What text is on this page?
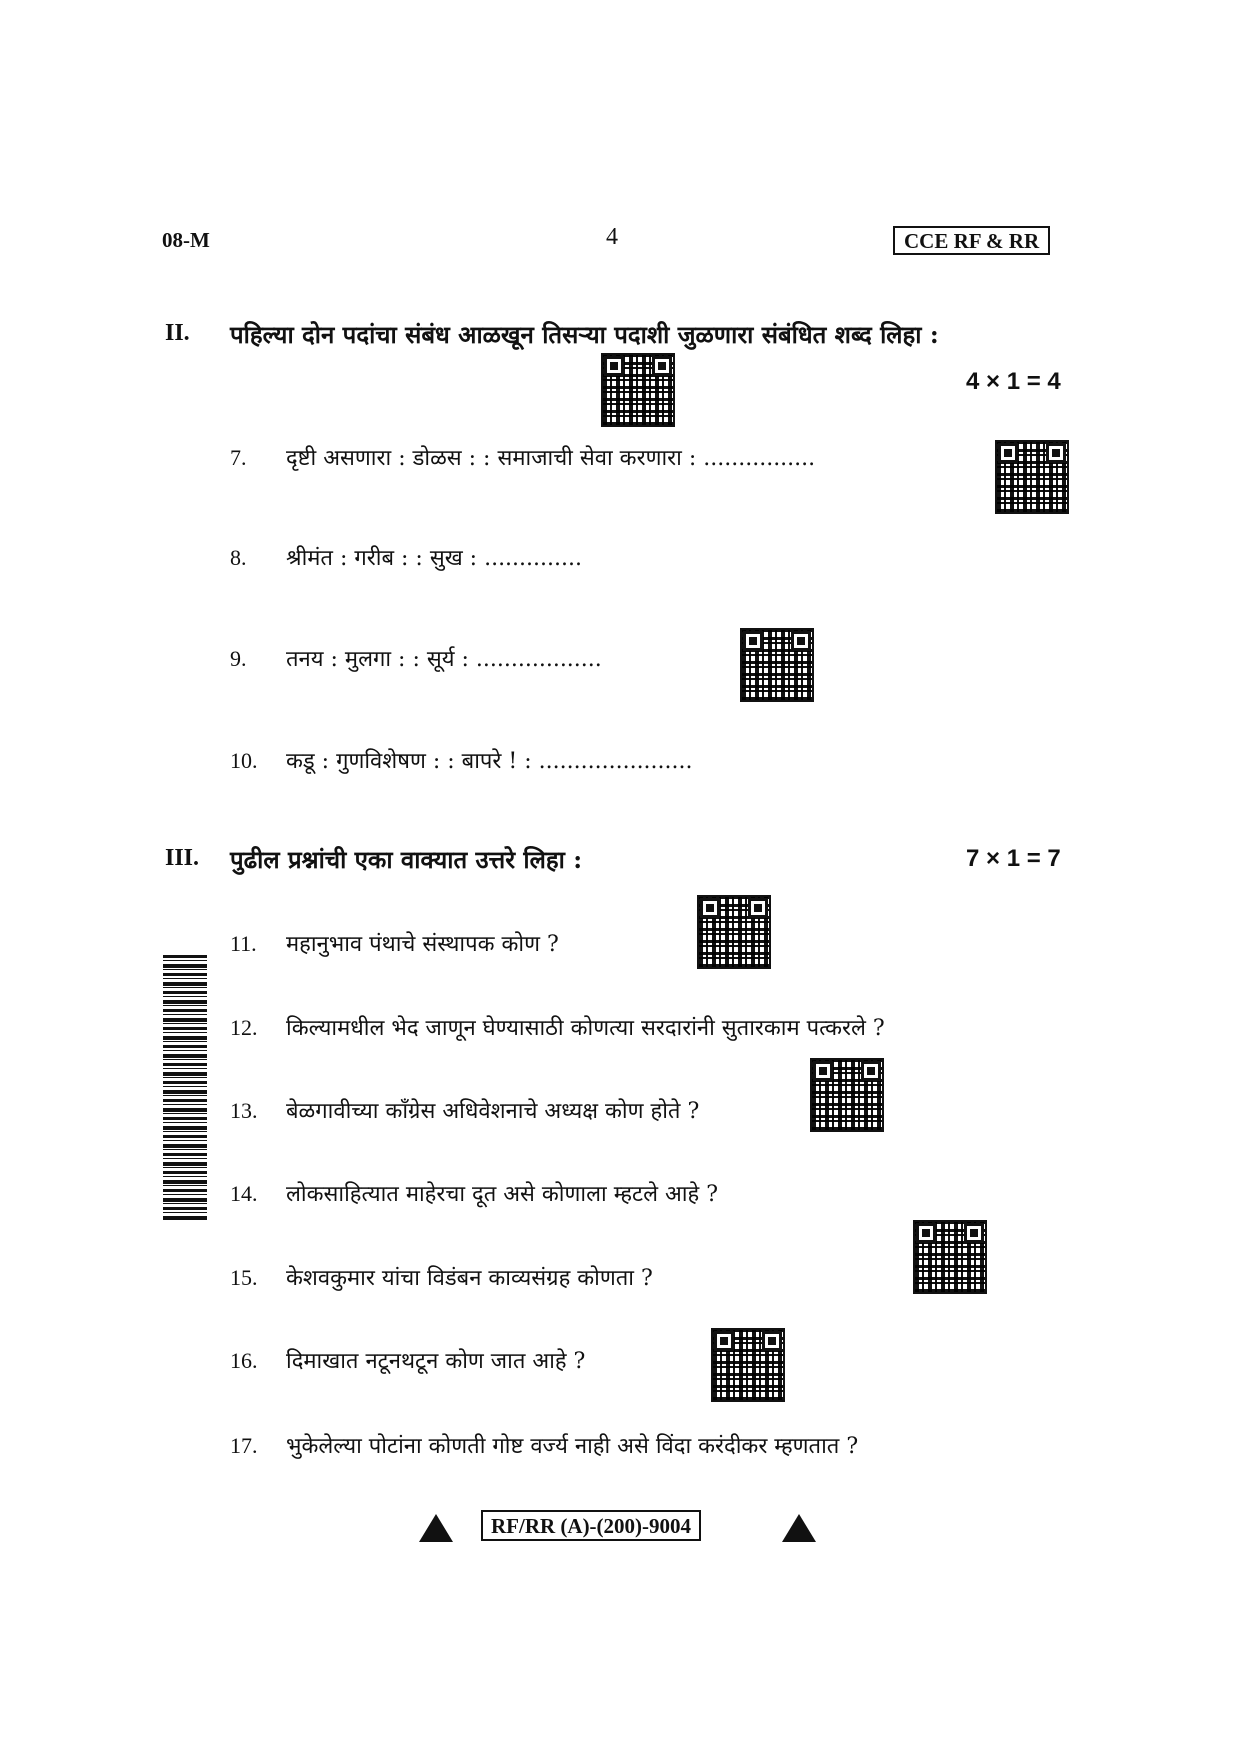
08-M	4	CCE RF & RR
II. पहिल्या दोन पदांचा संबंध आळखून तिसऱ्या पदाशी जुळणारा संबंधित शब्द लिहा :
4 × 1 = 4
7. दृष्टी असणारा : डोळस : : समाजाची सेवा करणारा : ................
8. श्रीमंत : गरीब : : सुख : ..............
9. तनय : मुलगा : : सूर्य : ..................
10. कडू : गुणविशेषण : : बापरे ! : ......................
III. पुढील प्रश्नांची एका वाक्यात उत्तरे लिहा :	7 × 1 = 7
11. महानुभाव पंथाचे संस्थापक कोण ?
12. किल्यामधील भेद जाणून घेण्यासाठी कोणत्या सरदारांनी सुतारकाम पत्करले ?
13. बेळगावीच्या काँग्रेस अधिवेशनाचे अध्यक्ष कोण होते ?
14. लोकसाहित्यात माहेरचा दूत असे कोणाला म्हटले आहे ?
15. केशवकुमार यांचा विडंबन काव्यसंग्रह कोणता ?
16. दिमाखात नटूनथटून कोण जात आहे ?
17. भुकेलेल्या पोटांना कोणती गोष्ट वर्ज्य नाही असे विंदा करंदीकर म्हणतात ?
RF/RR (A)-(200)-9004
